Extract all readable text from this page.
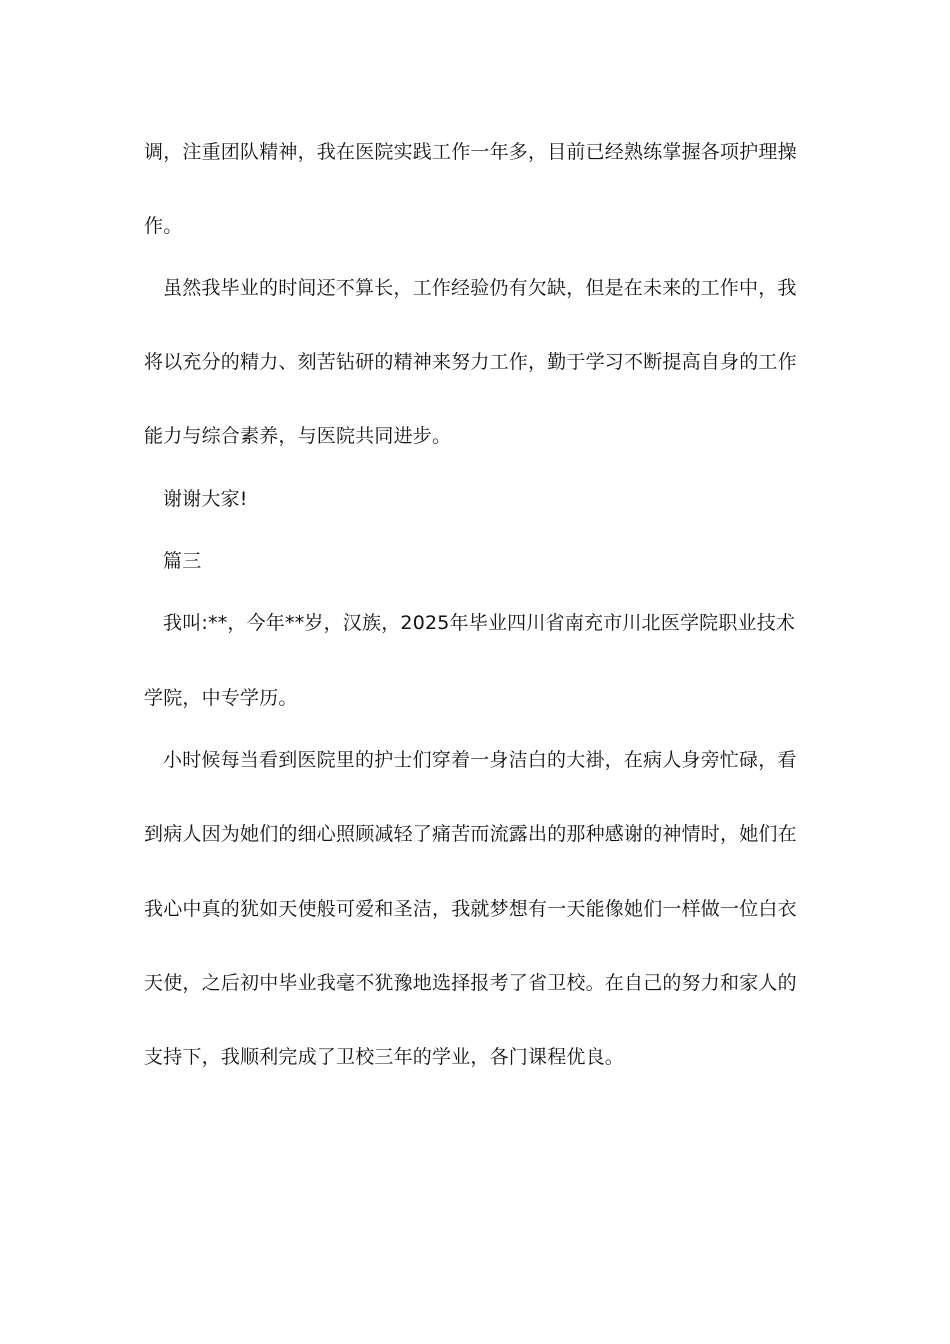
调，注重团队精神，我在医院实践工作一年多，目前已经熟练掌握各项护理操
作。
虽然我毕业的时间还不算长，工作经验仍有欠缺，但是在未来的工作中，我
将以充分的精力、刻苦钻研的精神来努力工作，勤于学习不断提高自身的工作
能力与综合素养，与医院共同进步。
谢谢大家!
篇三
我叫:**，今年**岁，汉族，2025年毕业四川省南充市川北医学院职业技术
学院，中专学历。
小时候每当看到医院里的护士们穿着一身洁白的大褂，在病人身旁忙碌，看
到病人因为她们的细心照顾减轻了痛苦而流露出的那种感谢的神情时，她们在
我心中真的犹如天使般可爱和圣洁，我就梦想有一天能像她们一样做一位白衣
天使，之后初中毕业我毫不犹豫地选择报考了省卫校。在自己的努力和家人的
支持下，我顺利完成了卫校三年的学业，各门课程优良。
